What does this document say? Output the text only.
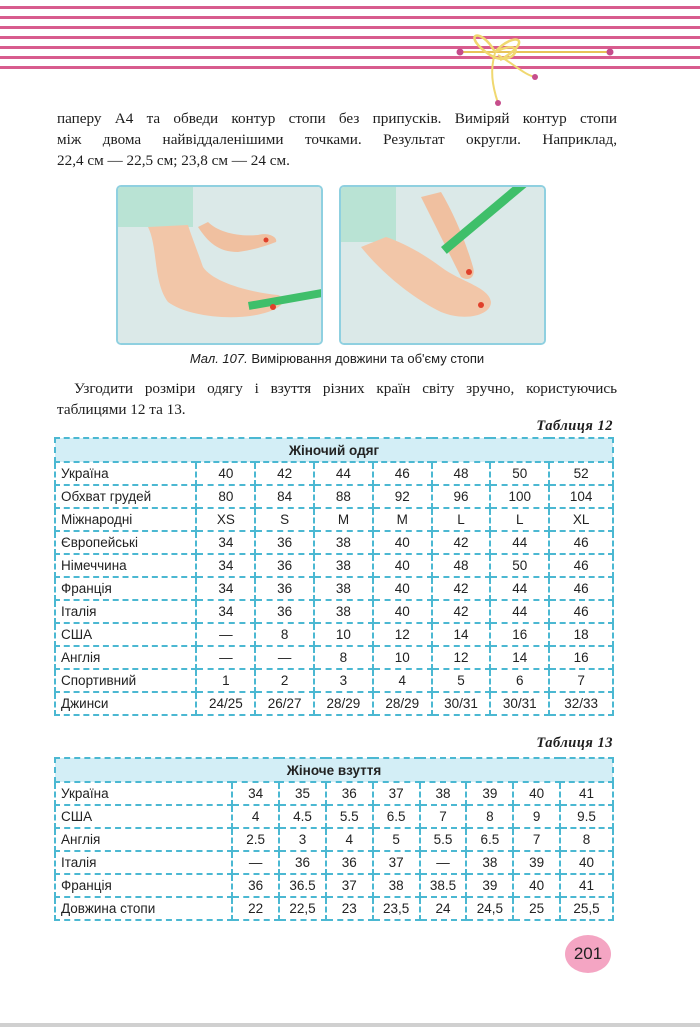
паперу А4 та обведи контур стопи без припусків. Виміряй контур стопи
між двома найвіддаленішими точками. Результат округли. Наприклад,
22,4 см — 22,5 см; 23,8 см — 24 см.

Мал. 107. Вимірювання довжини та об'єму стопи

Узгодити розміри одягу і взуття різних країн світу зручно, користуючись таблицями 12 та 13.

Таблиця 12
Жіночий одяг							
Україна	40	42	44	46	48	50	52
Обхват грудей	80	84	88	92	96	100	104
Міжнародні	XS	S	M	M	L	L	XL
Європейські	34	36	38	40	42	44	46
Німеччина	34	36	38	40	48	50	46
Франція	34	36	38	40	42	44	46
Італія	34	36	38	40	42	44	46
США	—	8	10	12	14	16	18
Англія	—	—	8	10	12	14	16
Спортивний	1	2	3	4	5	6	7
Джинси	24/25	26/27	28/29	28/29	30/31	30/31	32/33
Таблиця 13
Жіноче взуття								
Україна	34	35	36	37	38	39	40	41
США	4	4.5	5.5	6.5	7	8	9	9.5
Англія	2.5	3	4	5	5.5	6.5	7	8
Італія	—	36	36	37	—	38	39	40
Франція	36	36.5	37	38	38.5	39	40	41
Довжина стопи	22	22,5	23	23,5	24	24,5	25	25,5
201
